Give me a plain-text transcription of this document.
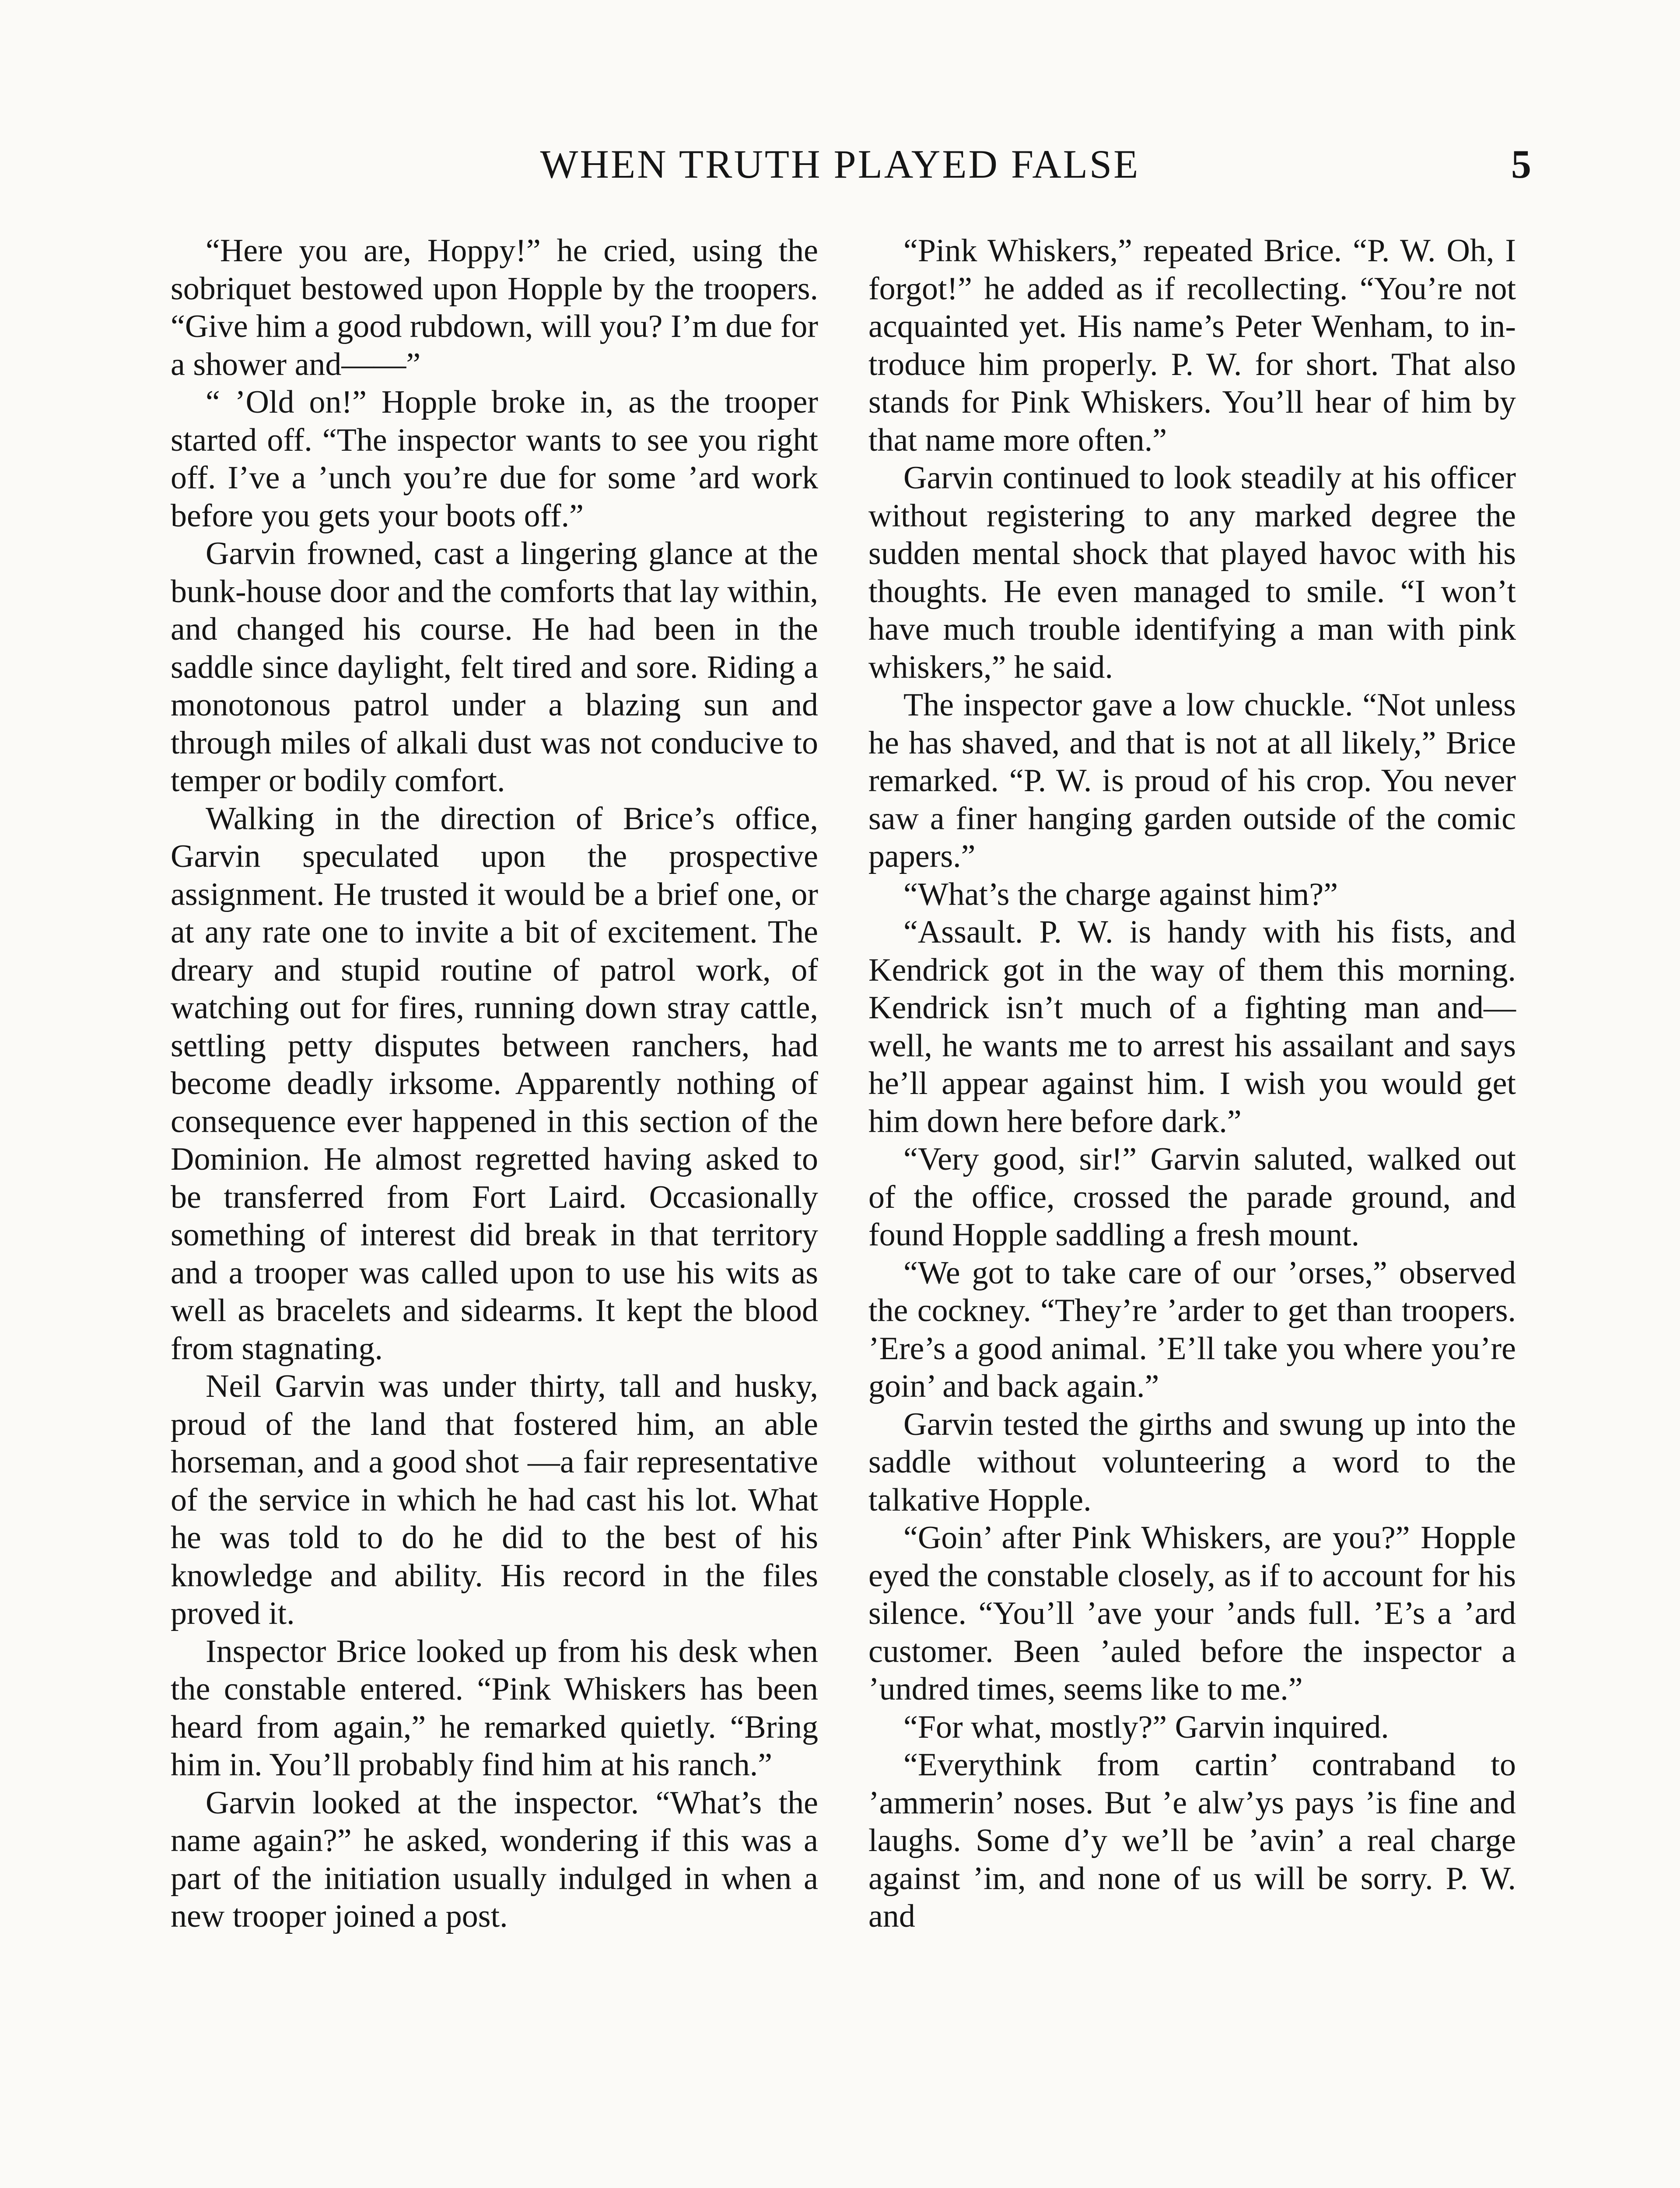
WHEN TRUTH PLAYED FALSE	5

“Here you are, Hoppy!” he cried, using the sobriquet bestowed upon Hopple by the troopers. “Give him a good rubdown, will you? I’m due for a shower and——”

“ ’Old on!” Hopple broke in, as the trooper started off. “The inspector wants to see you right off. I’ve a ’unch you’re due for some ’ard work before you gets your boots off.”

Garvin frowned, cast a lingering glance at the bunk-house door and the comforts that lay within, and changed his course. He had been in the saddle since daylight, felt tired and sore. Riding a monotonous patrol under a blazing sun and through miles of alkali dust was not conducive to temper or bodily comfort.

Walking in the direction of Brice’s office, Garvin speculated upon the prospective assignment. He trusted it would be a brief one, or at any rate one to invite a bit of excitement. The dreary and stupid routine of patrol work, of watching out for fires, running down stray cattle, settling petty disputes between ranchers, had become deadly irksome. Apparently nothing of consequence ever happened in this section of the Dominion. He almost regretted having asked to be transferred from Fort Laird. Occasionally something of interest did break in that territory and a trooper was called upon to use his wits as well as bracelets and sidearms. It kept the blood from stagnating.

Neil Garvin was under thirty, tall and husky, proud of the land that fostered him, an able horseman, and a good shot —a fair representative of the service in which he had cast his lot. What he was told to do he did to the best of his knowledge and ability. His record in the files proved it.

Inspector Brice looked up from his desk when the constable entered. “Pink Whiskers has been heard from again,” he remarked quietly. “Bring him in. You’ll probably find him at his ranch.”

Garvin looked at the inspector. “What’s the name again?” he asked, wondering if this was a part of the initiation usually indulged in when a new trooper joined a post.

“Pink Whiskers,” repeated Brice. “P. W. Oh, I forgot!” he added as if recollecting. “You’re not acquainted yet. His name’s Peter Wenham, to introduce him properly. P. W. for short. That also stands for Pink Whiskers. You’ll hear of him by that name more often.”

Garvin continued to look steadily at his officer without registering to any marked degree the sudden mental shock that played havoc with his thoughts. He even managed to smile. “I won’t have much trouble identifying a man with pink whiskers,” he said.

The inspector gave a low chuckle. “Not unless he has shaved, and that is not at all likely,” Brice remarked. “P. W. is proud of his crop. You never saw a finer hanging garden outside of the comic papers.”

“What’s the charge against him?”

“Assault. P. W. is handy with his fists, and Kendrick got in the way of them this morning. Kendrick isn’t much of a fighting man and—well, he wants me to arrest his assailant and says he’ll appear against him. I wish you would get him down here before dark.”

“Very good, sir!” Garvin saluted, walked out of the office, crossed the parade ground, and found Hopple saddling a fresh mount.

“We got to take care of our ’orses,” observed the cockney. “They’re ’arder to get than troopers. ’Ere’s a good animal. ’E’ll take you where you’re goin’ and back again.”

Garvin tested the girths and swung up into the saddle without volunteering a word to the talkative Hopple.

“Goin’ after Pink Whiskers, are you?” Hopple eyed the constable closely, as if to account for his silence. “You’ll ’ave your ’ands full. ’E’s a ’ard customer. Been ’auled before the inspector a ’undred times, seems like to me.”

“For what, mostly?” Garvin inquired.

“Everythink from cartin’ contraband to ’ammerin’ noses. But ’e alw’ys pays ’is fine and laughs. Some d’y we’ll be ’avin’ a real charge against ’im, and none of us will be sorry. P. W. and
